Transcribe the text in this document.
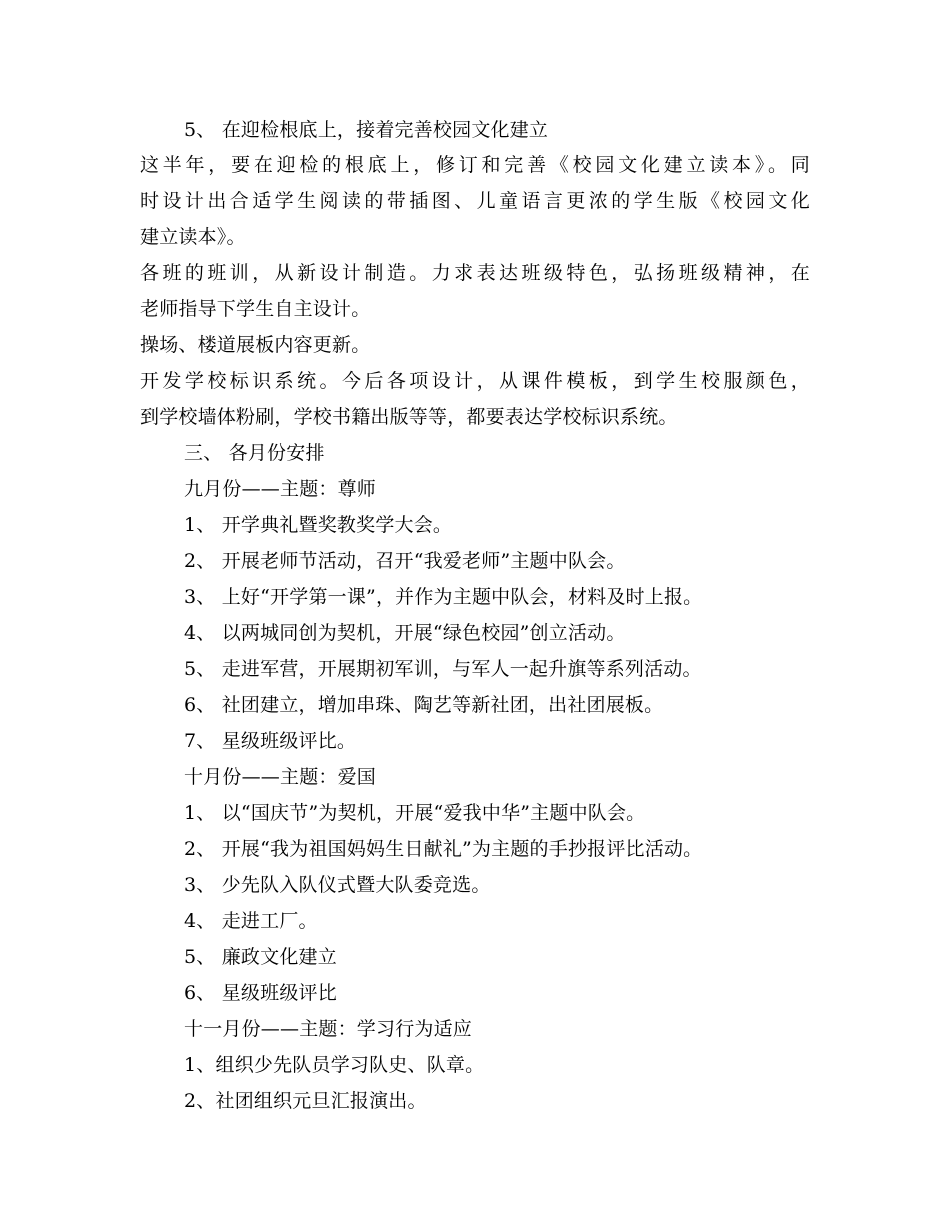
5、 在迎检根底上，接着完善校园文化建立
这半年，要在迎检的根底上，修订和完善《校园文化建立读本》。同
时设计出合适学生阅读的带插图、儿童语言更浓的学生版《校园文化
建立读本》。
各班的班训，从新设计制造。力求表达班级特色，弘扬班级精神，在
老师指导下学生自主设计。
操场、楼道展板内容更新。
开发学校标识系统。今后各项设计，从课件模板，到学生校服颜色，
到学校墙体粉刷，学校书籍出版等等，都要表达学校标识系统。
三、 各月份安排
九月份——主题：尊师
1、 开学典礼暨奖教奖学大会。
2、 开展老师节活动，召开“我爱老师”主题中队会。
3、 上好“开学第一课”，并作为主题中队会，材料及时上报。
4、 以两城同创为契机，开展“绿色校园”创立活动。
5、 走进军营，开展期初军训，与军人一起升旗等系列活动。
6、 社团建立，增加串珠、陶艺等新社团，出社团展板。
7、 星级班级评比。
十月份——主题：爱国
1、 以“国庆节”为契机，开展“爱我中华”主题中队会。
2、 开展“我为祖国妈妈生日献礼”为主题的手抄报评比活动。
3、 少先队入队仪式暨大队委竞选。
4、 走进工厂。
5、 廉政文化建立
6、 星级班级评比
十一月份——主题：学习行为适应
1、组织少先队员学习队史、队章。
2、社团组织元旦汇报演出。
